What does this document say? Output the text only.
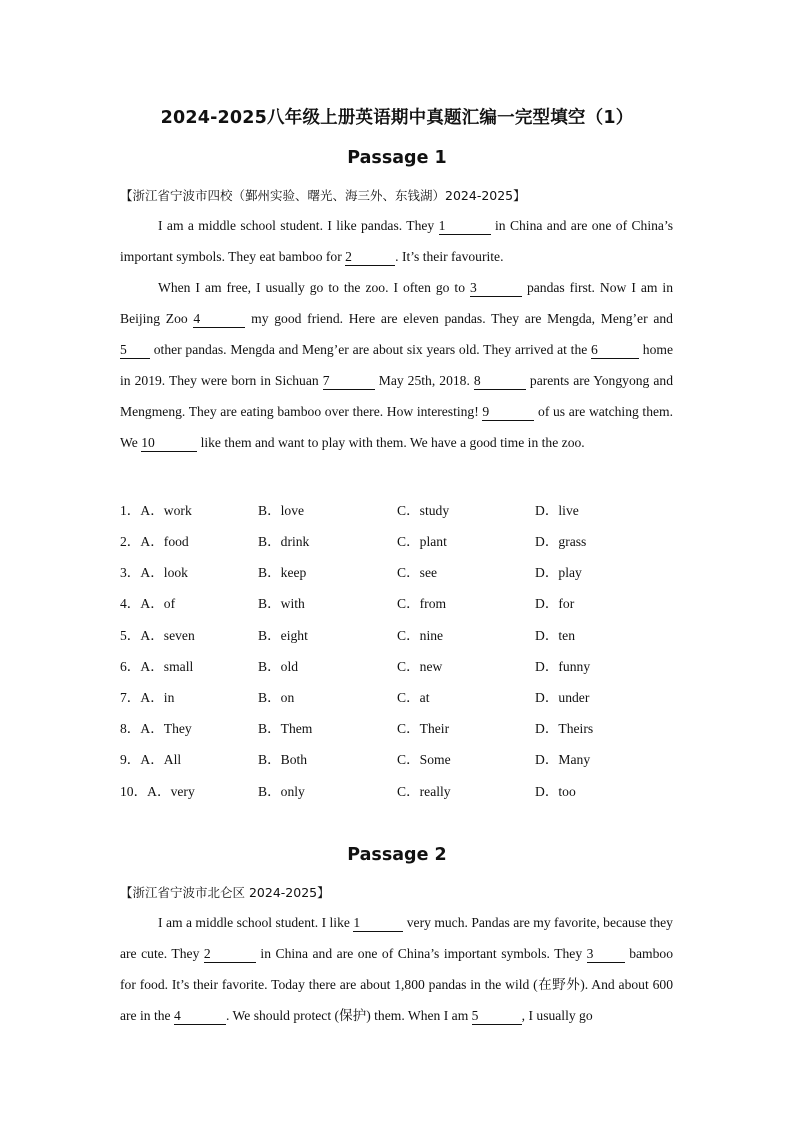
2024-2025八年级上册英语期中真题汇编一完型填空（1）
Passage 1
【浙江省宁波市四校（鄞州实验、曙光、海三外、东钱湖）2024-2025】

I am a middle school student. I like pandas. They 1	in China and are one of China’s important symbols. They eat bamboo for 2	. It’s their favourite.

When I am free, I usually go to the zoo. I often go to 3	pandas first. Now I am in Beijing Zoo 4	my good friend. Here are eleven pandas. They are Mengda, Meng’er and 5 other pandas. Mengda and Meng’er are about six years old. They arrived at the 6	home in 2019. They were born in Sichuan 7	May 25th, 2018. 8	parents are Yongyong and Mengmeng. They are eating bamboo over there. How interesting! 9	of us are watching them. We 10	like them and want to play with them. We have a good time in the zoo.

1．A．work	B．love	C．study	D．live
2．A．food	B．drink	C．plant	D．grass
3．A．look	B．keep	C．see	D．play
4．A．of	B．with	C．from	D．for
5．A．seven	B．eight	C．nine	D．ten
6．A．small	B．old	C．new	D．funny
7．A．in	B．on	C．at	D．under
8．A．They	B．Them	C．Their	D．Theirs
9．A．All	B．Both	C．Some	D．Many
10．A．very	B．only	C．really	D．too
Passage 2
【浙江省宁波市北仑区 2024-2025】

I am a middle school student. I like 1	very much. Pandas are my favorite, because they are cute. They 2	in China and are one of China’s important symbols. They 3 bamboo for food. It’s their favorite. Today there are about 1,800 pandas in the wild (在野外). And about 600 are in the 4	. We should protect (保护) them. When I am 5	, I usually go
